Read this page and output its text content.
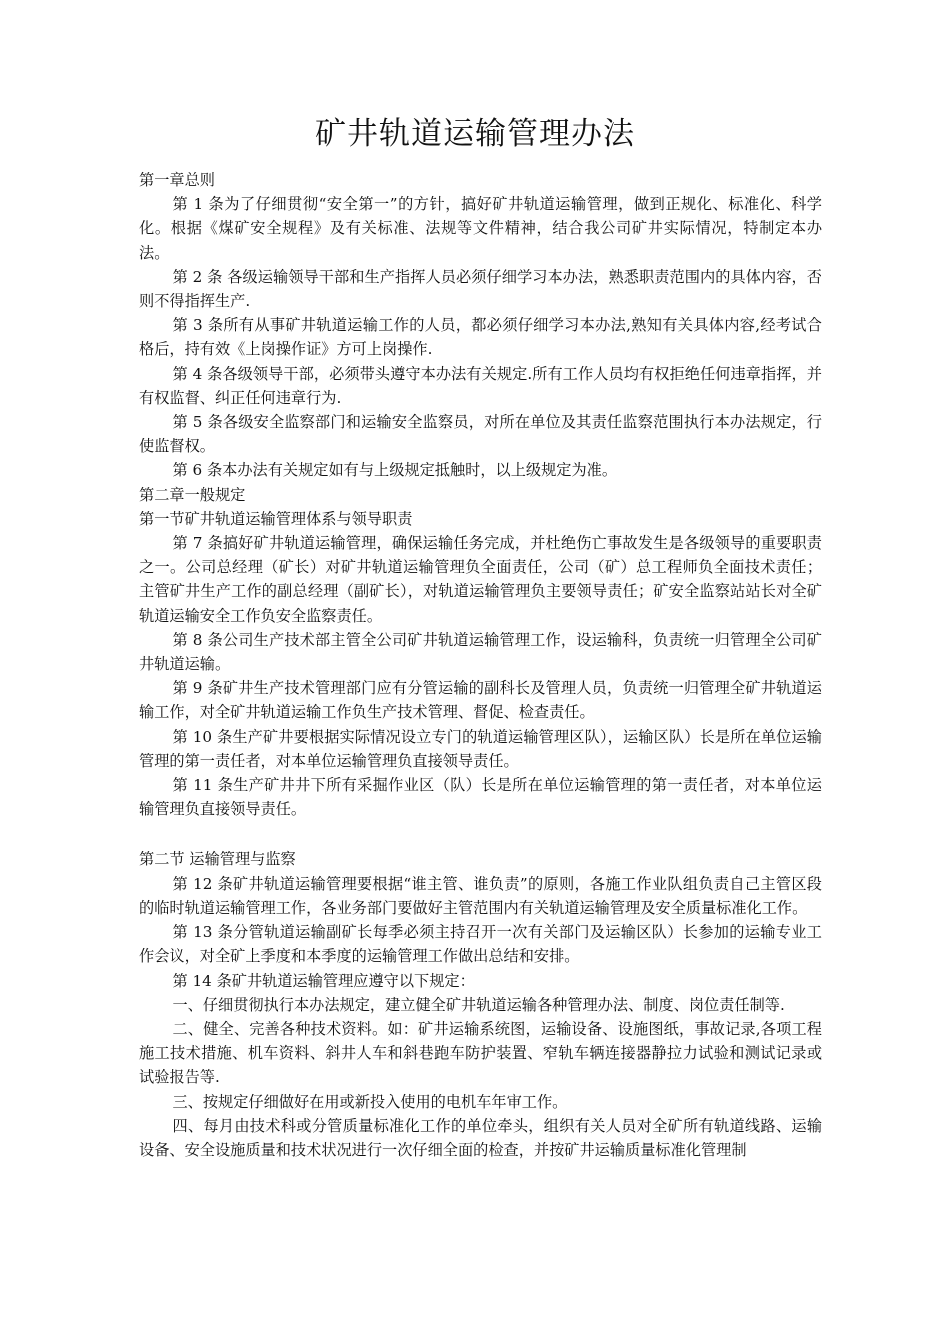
矿井轨道运输管理办法

第一章总则

第 1 条为了仔细贯彻“安全第一”的方针，搞好矿井轨道运输管理，做到正规化、标准化、科学化。根据《煤矿安全规程》及有关标准、法规等文件精神，结合我公司矿井实际情况，特制定本办法。

第 2 条 各级运输领导干部和生产指挥人员必须仔细学习本办法，熟悉职责范围内的具体内容，否则不得指挥生产.

第 3 条所有从事矿井轨道运输工作的人员，都必须仔细学习本办法,熟知有关具体内容,经考试合格后，持有效《上岗操作证》方可上岗操作.

第 4 条各级领导干部，必须带头遵守本办法有关规定.所有工作人员均有权拒绝任何违章指挥，并有权监督、纠正任何违章行为.

第 5 条各级安全监察部门和运输安全监察员，对所在单位及其责任监察范围执行本办法规定，行使监督权。

第 6 条本办法有关规定如有与上级规定抵触时，以上级规定为准。

第二章一般规定

第一节矿井轨道运输管理体系与领导职责

第 7 条搞好矿井轨道运输管理，确保运输任务完成，并杜绝伤亡事故发生是各级领导的重要职责之一。公司总经理（矿长）对矿井轨道运输管理负全面责任，公司（矿）总工程师负全面技术责任；主管矿井生产工作的副总经理（副矿长），对轨道运输管理负主要领导责任；矿安全监察站站长对全矿轨道运输安全工作负安全监察责任。

第 8 条公司生产技术部主管全公司矿井轨道运输管理工作，设运输科，负责统一归管理全公司矿井轨道运输。

第 9 条矿井生产技术管理部门应有分管运输的副科长及管理人员，负责统一归管理全矿井轨道运输工作，对全矿井轨道运输工作负生产技术管理、督促、检查责任。

第 10 条生产矿井要根据实际情况设立专门的轨道运输管理区队），运输区队）长是所在单位运输管理的第一责任者，对本单位运输管理负直接领导责任。

第 11 条生产矿井井下所有采掘作业区（队）长是所在单位运输管理的第一责任者，对本单位运输管理负直接领导责任。

第二节 运输管理与监察

第 12 条矿井轨道运输管理要根据“谁主管、谁负责”的原则，各施工作业队组负责自己主管区段的临时轨道运输管理工作，各业务部门要做好主管范围内有关轨道运输管理及安全质量标准化工作。

第 13 条分管轨道运输副矿长每季必须主持召开一次有关部门及运输区队）长参加的运输专业工作会议，对全矿上季度和本季度的运输管理工作做出总结和安排。

第 14 条矿井轨道运输管理应遵守以下规定：

一、仔细贯彻执行本办法规定，建立健全矿井轨道运输各种管理办法、制度、岗位责任制等.

二、健全、完善各种技术资料。如：矿井运输系统图，运输设备、设施图纸，事故记录,各项工程施工技术措施、机车资料、斜井人车和斜巷跑车防护装置、窄轨车辆连接器静拉力试验和测试记录或试验报告等.

三、按规定仔细做好在用或新投入使用的电机车年审工作。

四、每月由技术科或分管质量标准化工作的单位牵头，组织有关人员对全矿所有轨道线路、运输设备、安全设施质量和技术状况进行一次仔细全面的检查，并按矿井运输质量标准化管理制
